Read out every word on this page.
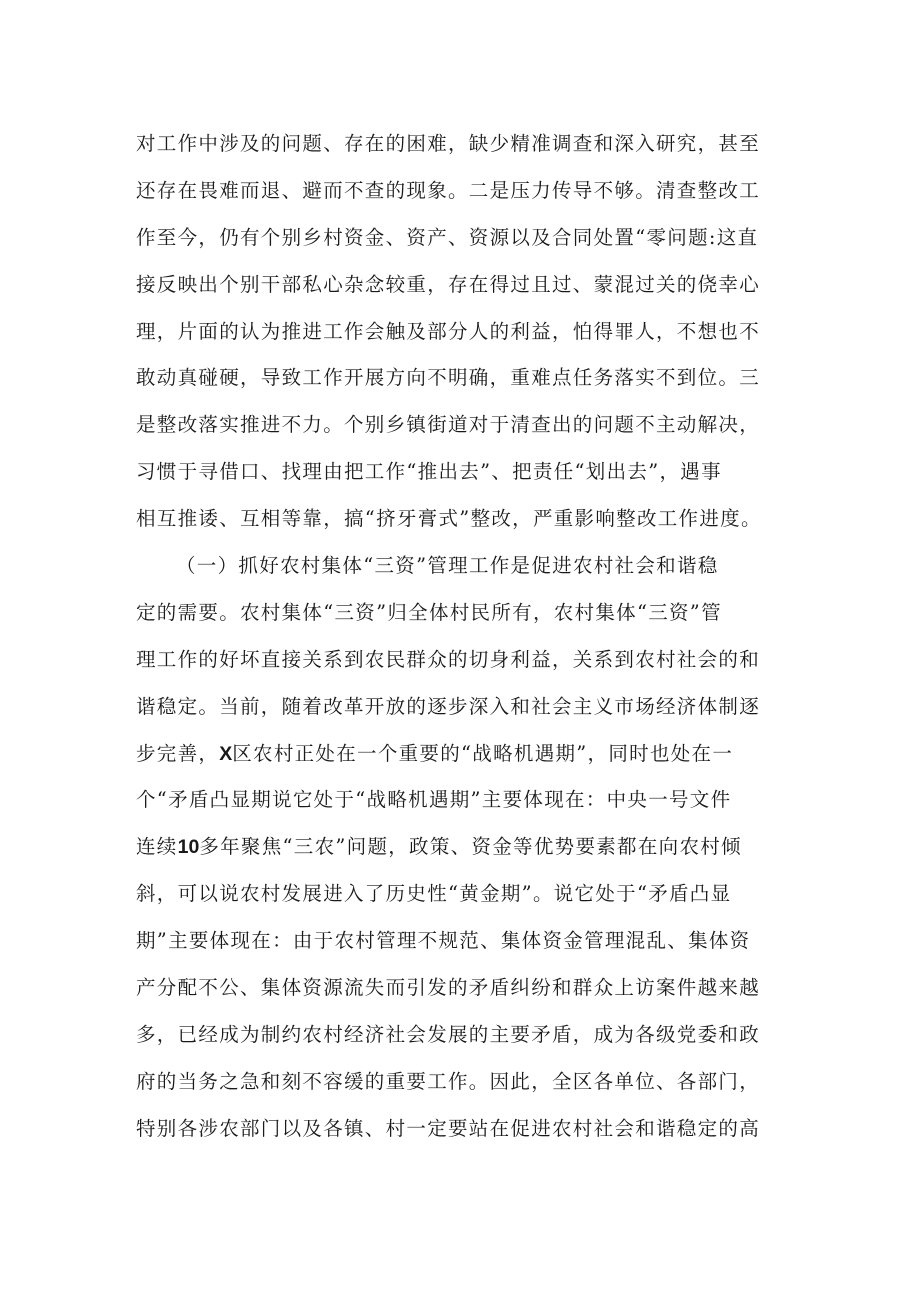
对工作中涉及的问题、存在的困难，缺少精准调查和深入研究，甚至
还存在畏难而退、避而不查的现象。二是压力传导不够。清查整改工
作至今，仍有个别乡村资金、资产、资源以及合同处置“零问题:这直
接反映出个别干部私心杂念较重，存在得过且过、蒙混过关的侥幸心
理，片面的认为推进工作会触及部分人的利益，怕得罪人，不想也不
敢动真碰硬，导致工作开展方向不明确，重难点任务落实不到位。三
是整改落实推进不力。个别乡镇街道对于清查出的问题不主动解决，
习惯于寻借口、找理由把工作“推出去”、把责任“划出去”，遇事
相互推诿、互相等靠，搞“挤牙膏式”整改，严重影响整改工作进度。
（一）抓好农村集体“三资”管理工作是促进农村社会和谐稳
定的需要。农村集体“三资”归全体村民所有，农村集体“三资”管
理工作的好坏直接关系到农民群众的切身利益，关系到农村社会的和
谐稳定。当前，随着改革开放的逐步深入和社会主义市场经济体制逐
步完善，X区农村正处在一个重要的“战略机遇期”，同时也处在一
个“矛盾凸显期说它处于“战略机遇期”主要体现在：中央一号文件
连续10多年聚焦“三农”问题，政策、资金等优势要素都在向农村倾
斜，可以说农村发展进入了历史性“黄金期”。说它处于“矛盾凸显
期”主要体现在：由于农村管理不规范、集体资金管理混乱、集体资
产分配不公、集体资源流失而引发的矛盾纠纷和群众上访案件越来越
多，已经成为制约农村经济社会发展的主要矛盾，成为各级党委和政
府的当务之急和刻不容缓的重要工作。因此，全区各单位、各部门，
特别各涉农部门以及各镇、村一定要站在促进农村社会和谐稳定的高
